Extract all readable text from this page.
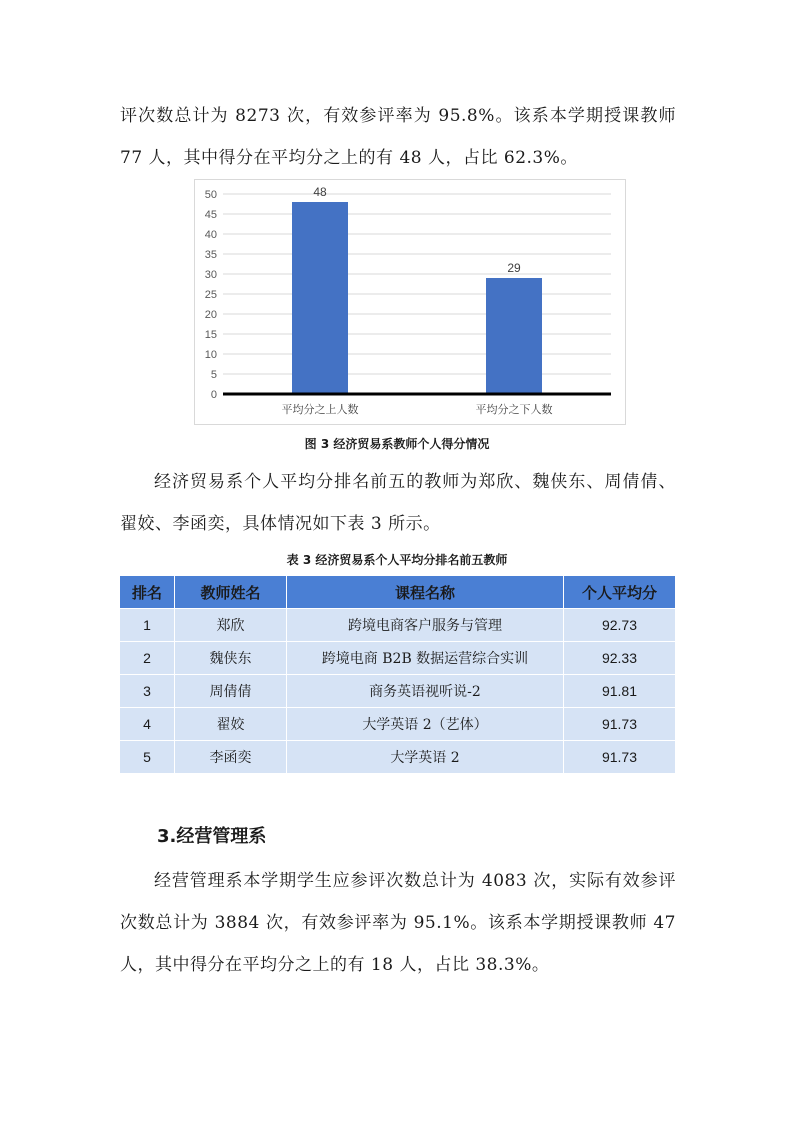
评次数总计为 8273 次，有效参评率为 95.8%。该系本学期授课教师 77 人，其中得分在平均分之上的有 48 人，占比 62.3%。

0
5
10
15
20
25
30
35
40
45
50	48
平均分之上人数
29
平均分之下人数

图 3 经济贸易系教师个人得分情况

经济贸易系个人平均分排名前五的教师为郑欣、魏侠东、周倩倩、翟姣、李函奕，具体情况如下表 3 所示。

表 3 经济贸易系个人平均分排名前五教师

排名	教师姓名	课程名称	个人平均分
1	郑欣	跨境电商客户服务与管理	92.73
2	魏侠东	跨境电商 B2B 数据运营综合实训	92.33
3	周倩倩	商务英语视听说-2	91.81
4	翟姣	大学英语 2（艺体）	91.73
5	李函奕	大学英语 2	91.73
3.经营管理系

经营管理系本学期学生应参评次数总计为 4083 次，实际有效参评次数总计为 3884 次，有效参评率为 95.1%。该系本学期授课教师 47 人，其中得分在平均分之上的有 18 人，占比 38.3%。
